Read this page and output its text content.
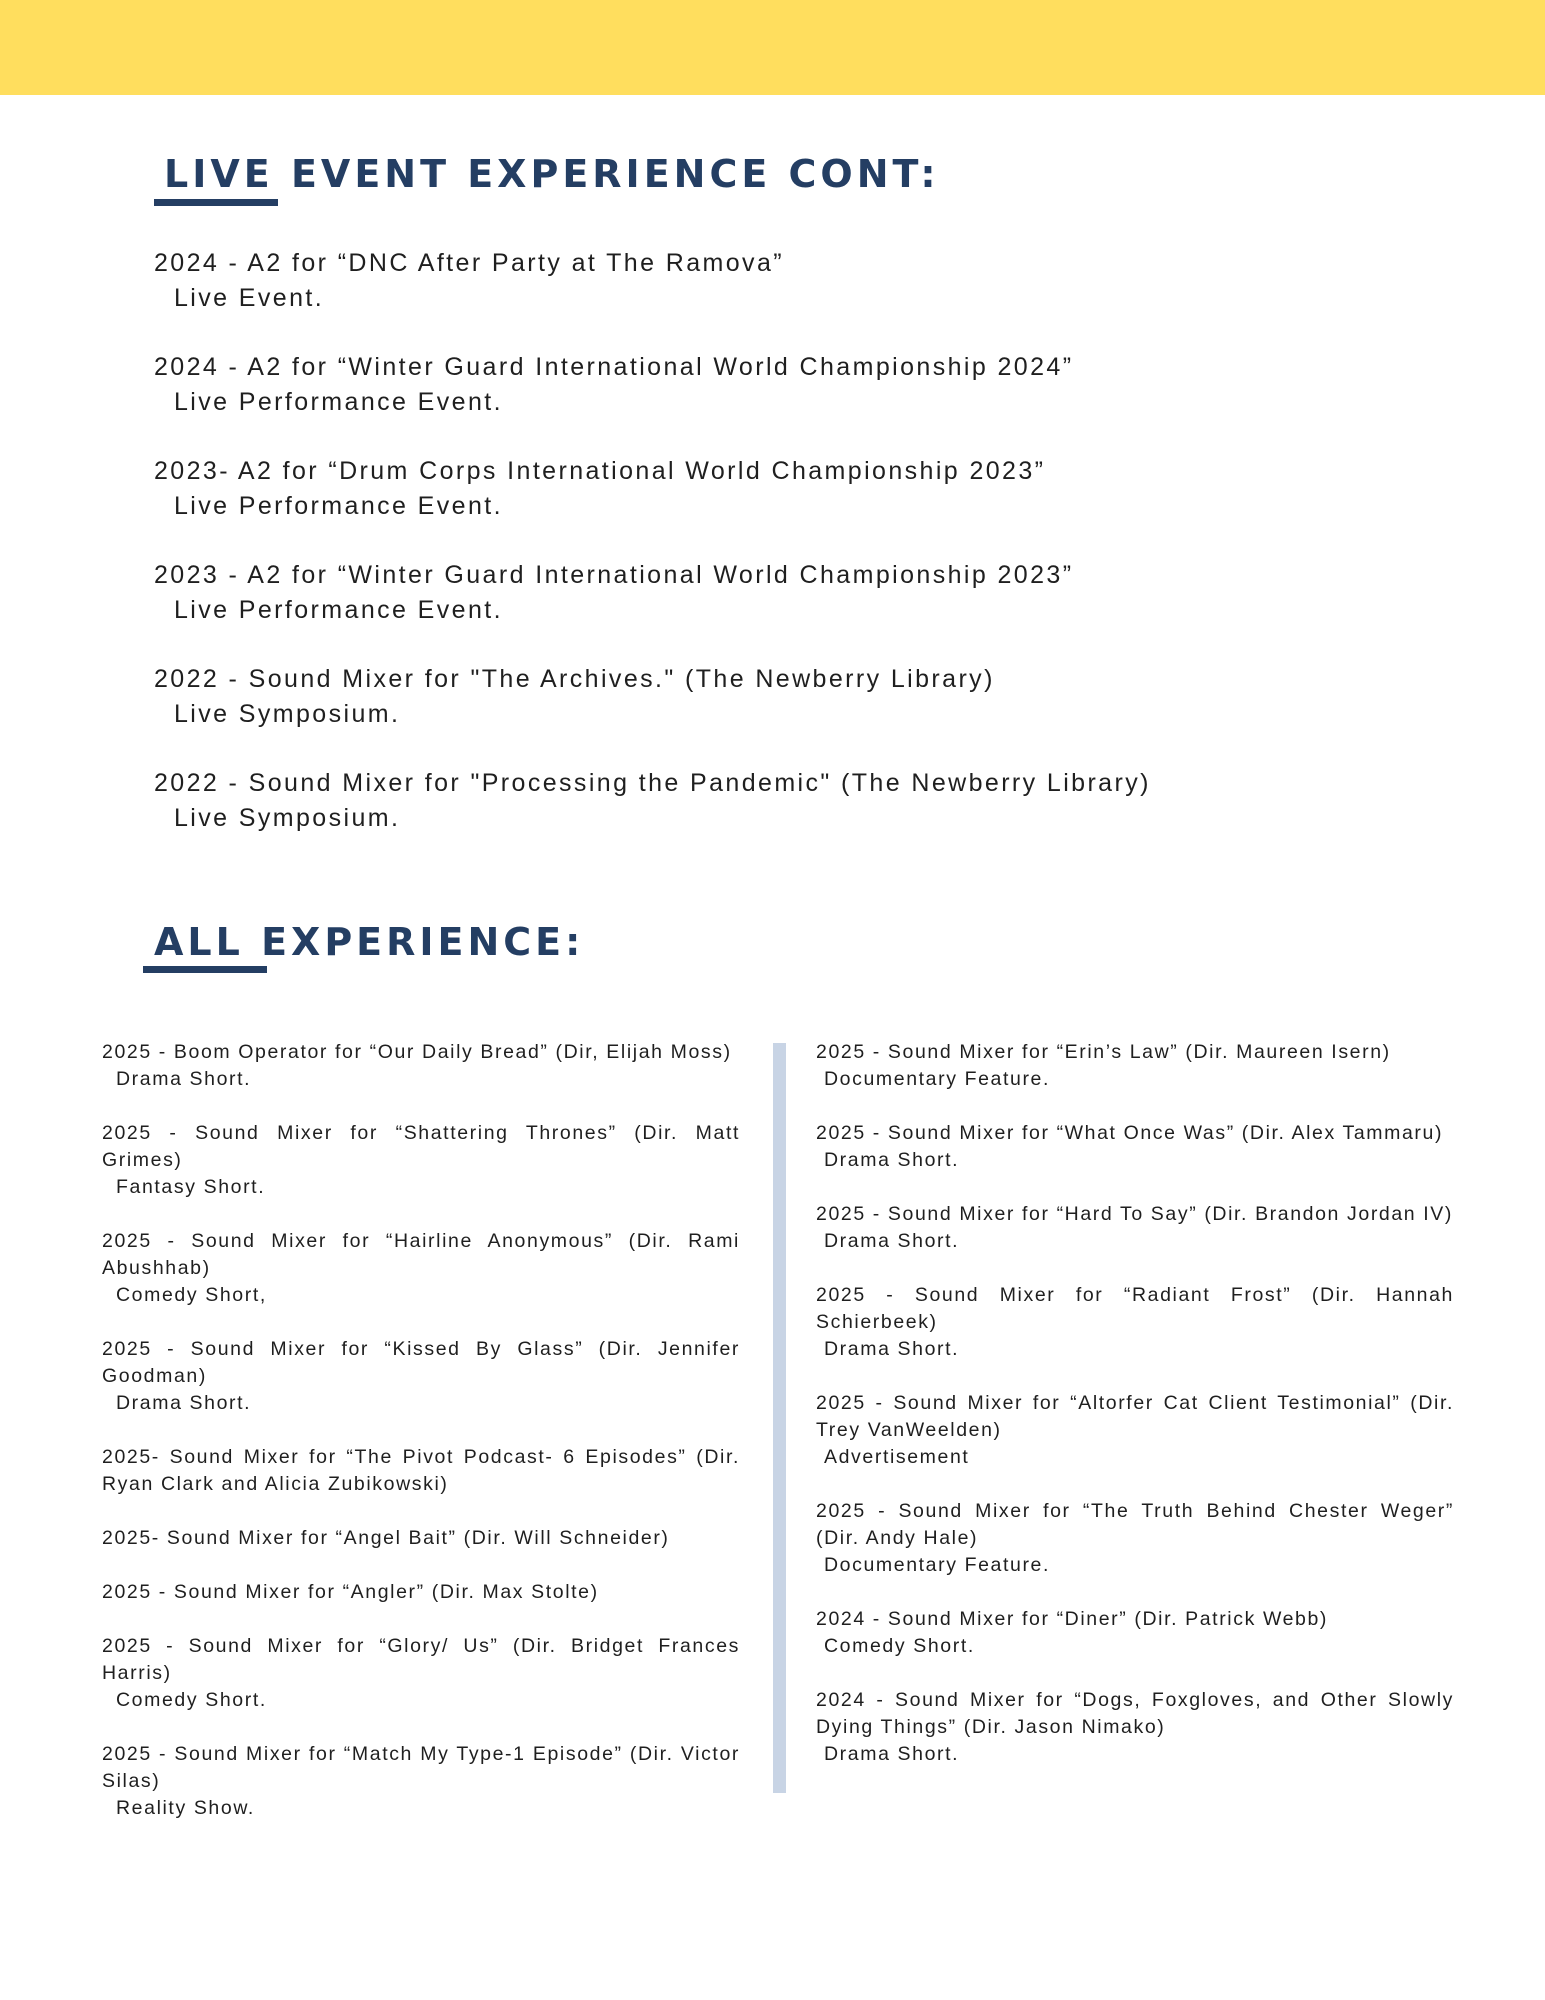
LIVE EVENT EXPERIENCE CONT:
2024 - A2 for “DNC After Party at The Ramova”
Live Event.
2024 - A2 for “Winter Guard International World Championship 2024”
Live Performance Event.
2023- A2 for “Drum Corps International World Championship 2023”
Live Performance Event.
2023 - A2 for “Winter Guard International World Championship 2023”
Live Performance Event.
2022 - Sound Mixer for "The Archives." (The Newberry Library)
Live Symposium.
2022 - Sound Mixer for "Processing the Pandemic" (The Newberry Library)
Live Symposium.
ALL EXPERIENCE:
2025 - Boom Operator for “Our Daily Bread” (Dir, Elijah Moss)
Drama Short.
2025 - Sound Mixer for “Shattering Thrones” (Dir. Matt Grimes)
Fantasy Short.
2025 - Sound Mixer for “Hairline Anonymous” (Dir. Rami Abushhab)
Comedy Short,
2025 - Sound Mixer for “Kissed By Glass” (Dir. Jennifer Goodman)
Drama Short.
2025- Sound Mixer for “The Pivot Podcast- 6 Episodes” (Dir. Ryan Clark and Alicia Zubikowski)
2025- Sound Mixer for “Angel Bait” (Dir. Will Schneider)
2025 - Sound Mixer for “Angler” (Dir. Max Stolte)
2025 - Sound Mixer for “Glory/ Us” (Dir. Bridget Frances Harris)
Comedy Short.
2025 - Sound Mixer for “Match My Type-1 Episode” (Dir. Victor Silas)
Reality Show.
2025 - Sound Mixer for “Erin’s Law” (Dir. Maureen Isern)
Documentary Feature.
2025 - Sound Mixer for “What Once Was” (Dir. Alex Tammaru)
Drama Short.
2025 - Sound Mixer for “Hard To Say” (Dir. Brandon Jordan IV)
Drama Short.
2025 - Sound Mixer for “Radiant Frost” (Dir. Hannah Schierbeek)
Drama Short.
2025 - Sound Mixer for “Altorfer Cat Client Testimonial” (Dir. Trey VanWeelden)
Advertisement
2025 - Sound Mixer for “The Truth Behind Chester Weger” (Dir. Andy Hale)
Documentary Feature.
2024 - Sound Mixer for “Diner” (Dir. Patrick Webb)
Comedy Short.
2024 - Sound Mixer for “Dogs, Foxgloves, and Other Slowly Dying Things” (Dir. Jason Nimako)
Drama Short.
